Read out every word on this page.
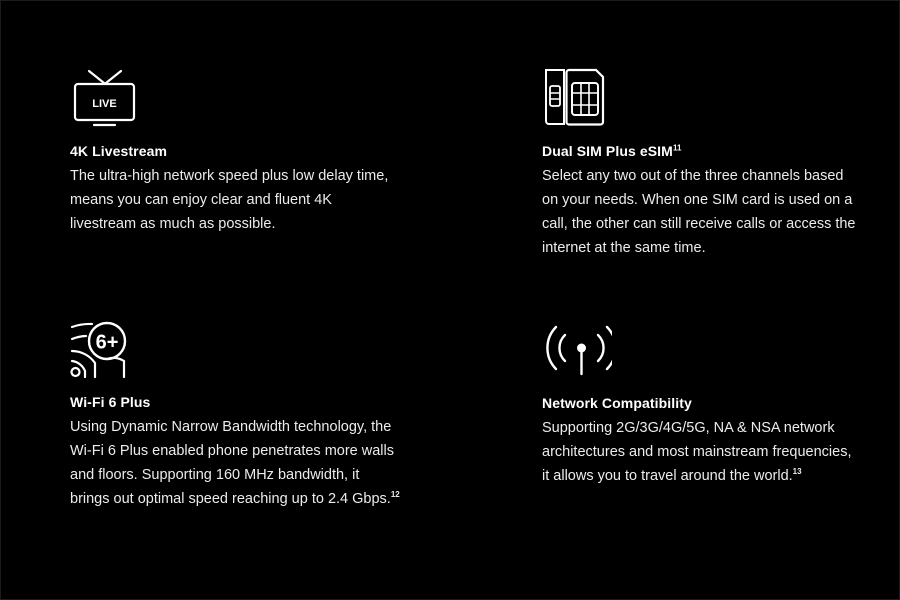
LIVE
4K Livestream
The ultra-high network speed plus low delay time, means you can enjoy clear and fluent 4K livestream as much as possible.
Dual SIM Plus eSIM$^{11}$
Select any two out of the three channels based on your needs. When one SIM card is used on a call, the other can still receive calls or access the internet at the same time.
6+
Wi-Fi 6 Plus
Using Dynamic Narrow Bandwidth technology, the Wi-Fi 6 Plus enabled phone penetrates more walls and floors. Supporting 160 MHz bandwidth, it brings out optimal speed reaching up to 2.4 Gbps.$^{12}$
Network Compatibility
Supporting 2G/3G/4G/5G, NA & NSA network architectures and most mainstream frequencies, it allows you to travel around the world.$^{13}$
